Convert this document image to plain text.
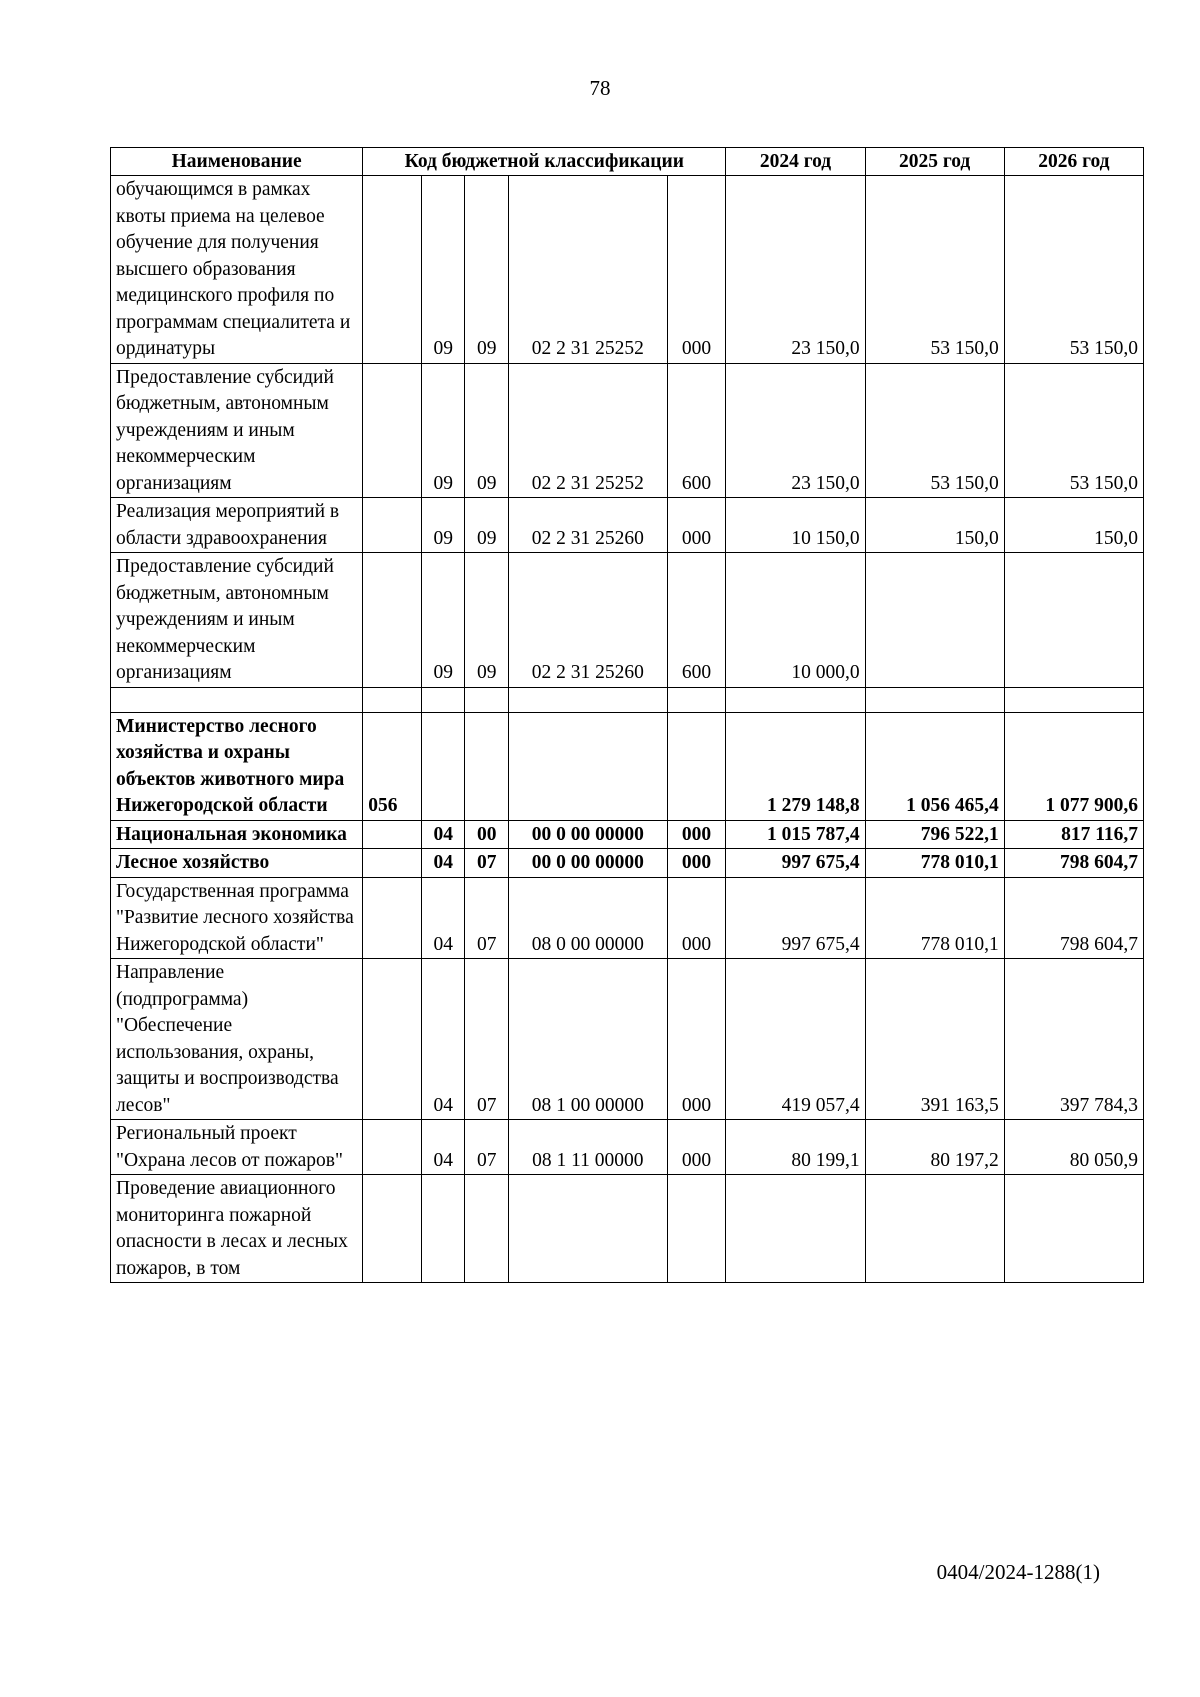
78
Наименование	Код бюджетной классификации					2024 год	2025 год	2026 год
обучающимся в рамках квоты приема на целевое обучение для получения высшего образования медицинского профиля по программам специалитета и ординатуры		09	09	02 2 31 25252	000	23 150,0	53 150,0	53 150,0
Предоставление субсидий бюджетным, автономным учреждениям и иным некоммерческим организациям		09	09	02 2 31 25252	600	23 150,0	53 150,0	53 150,0
Реализация мероприятий в области здравоохранения		09	09	02 2 31 25260	000	10 150,0	150,0	150,0
Предоставление субсидий бюджетным, автономным учреждениям и иным некоммерческим организациям		09	09	02 2 31 25260	600	10 000,0		

Министерство лесного хозяйства и охраны объектов животного мира Нижегородской области	056					1 279 148,8	1 056 465,4	1 077 900,6
Национальная экономика		04	00	00 0 00 00000	000	1 015 787,4	796 522,1	817 116,7
Лесное хозяйство		04	07	00 0 00 00000	000	997 675,4	778 010,1	798 604,7
Государственная программа "Развитие лесного хозяйства Нижегородской области"		04	07	08 0 00 00000	000	997 675,4	778 010,1	798 604,7
Направление (подпрограмма) "Обеспечение использования, охраны, защиты и воспроизводства лесов"		04	07	08 1 00 00000	000	419 057,4	391 163,5	397 784,3
Региональный проект "Охрана лесов от пожаров"		04	07	08 1 11 00000	000	80 199,1	80 197,2	80 050,9
Проведение авиационного мониторинга пожарной опасности в лесах и лесных пожаров, в том								
0404/2024-1288(1)
